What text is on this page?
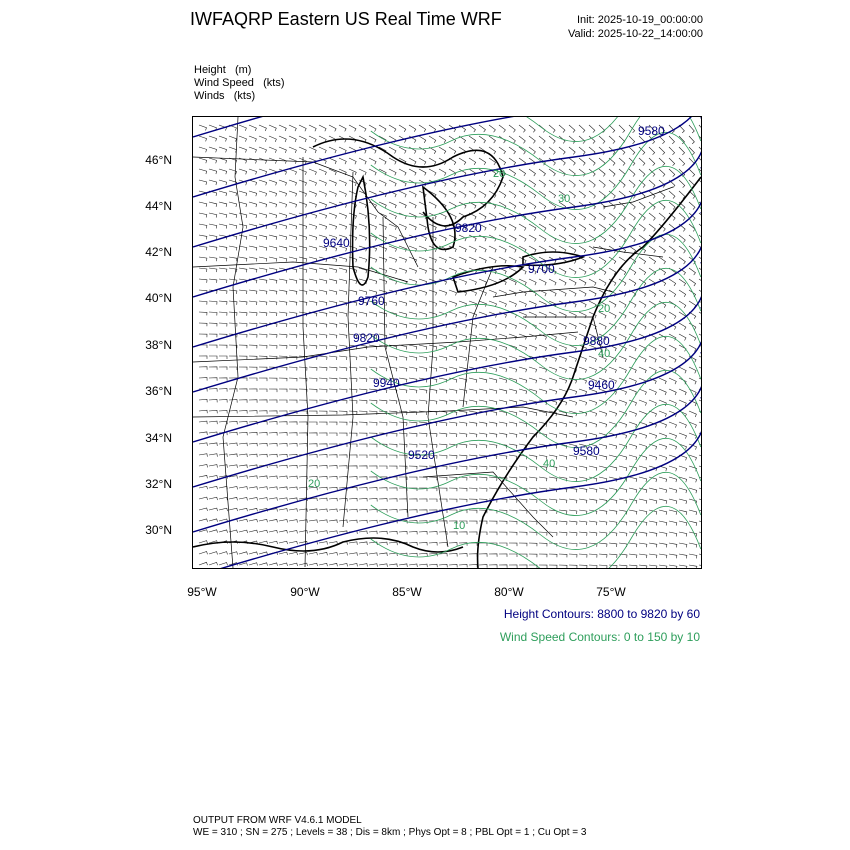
IWFAQRP Eastern US Real Time WRF	Init: 2025-10-19_00:00:00
Valid: 2025-10-22_14:00:00
Height (m)
Wind Speed (kts)
Winds (kts)
9580
9820
9640
9700
9760
9820	9880
9940
9520	9580
9460
20
30
20
40
40
20
10
46°N
44°N
42°N
40°N
38°N
36°N
34°N
32°N
30°N
95°W	90°W	85°W	80°W	75°W
Height Contours: 8800 to 9820 by 60
Wind Speed Contours: 0 to 150 by 10
OUTPUT FROM WRF V4.6.1 MODEL
WE = 310 ; SN = 275 ; Levels = 38 ; Dis = 8km ; Phys Opt = 8 ; PBL Opt = 1 ; Cu Opt = 3
